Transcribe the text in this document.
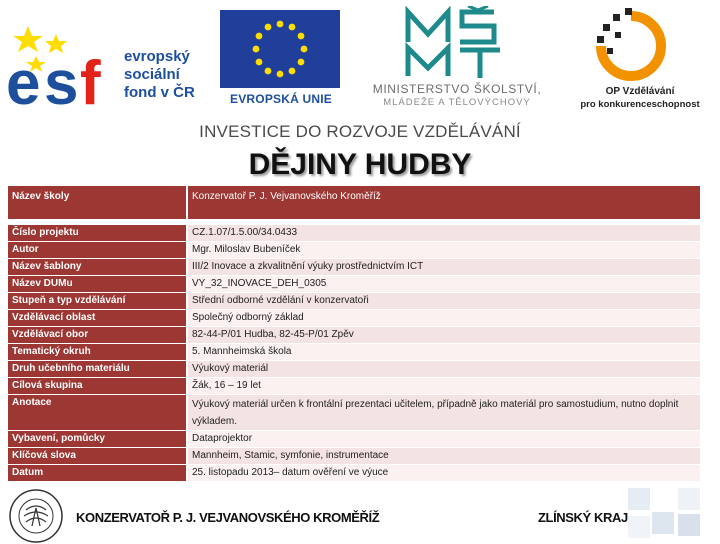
e s f evropský
sociální
fond v ČR	EVROPSKÁ UNIE
MINISTERSTVO ŠKOLSTVÍ,
MLÁDEŽE A TĚLOVÝCHOVY
OP Vzdělávání
pro konkurenceschopnost
INVESTICE DO ROZVOJE VZDĚLÁVÁNÍ
DĚJINY HUDBY
Název školy	Konzervatoř P. J. Vejvanovského Kroměříž

Číslo projektu	CZ.1.07/1.5.00/34.0433
Autor	Mgr. Miloslav Bubeníček
Název šablony	III/2 Inovace a zkvalitnění výuky prostřednictvím ICT
Název DUMu	VY_32_INOVACE_DEH_0305
Stupeň a typ vzdělávání	Střední odborné vzdělání v konzervatoři
Vzdělávací oblast	Společný odborný základ
Vzdělávací obor	82-44-P/01 Hudba, 82-45-P/01 Zpěv
Tematický okruh	5. Mannheimská škola
Druh učebního materiálu	Výukový materiál
Cílová skupina	Žák, 16 – 19 let
Anotace	Výukový materiál určen k frontální prezentaci učitelem, případně jako materiál pro samostudium, nutno doplnit výkladem.
Vybavení, pomůcky	Dataprojektor
Klíčová slova	Mannheim, Stamic, symfonie, instrumentace
Datum	25. listopadu 2013– datum ověření ve výuce
KONZERVATOŘ P. J. VEJVANOVSKÉHO KROMĚŘÍŽ	ZLÍNSKÝ KRAJ
